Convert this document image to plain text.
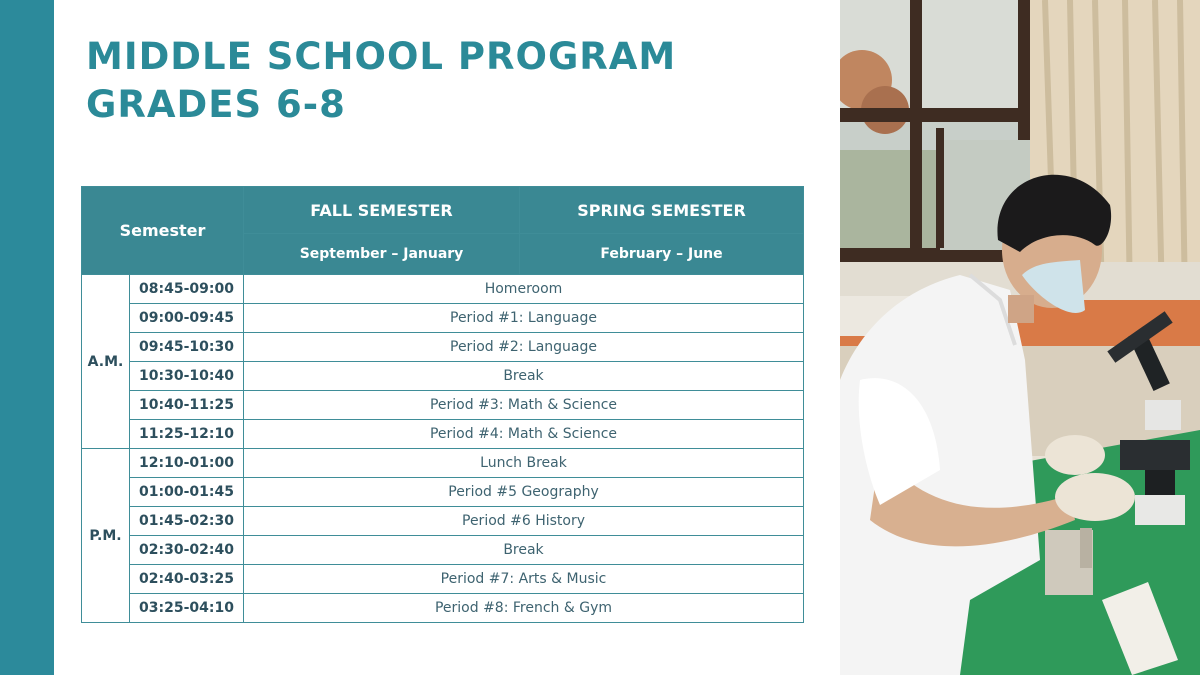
MIDDLE SCHOOL PROGRAM
GRADES 6-8
Semester		FALL SEMESTER	SPRING SEMESTER
		September – January	February – June
A.M.	08:45-09:00	Homeroom	
	09:00-09:45	Period #1: Language	
	09:45-10:30	Period #2: Language	
	10:30-10:40	Break	
	10:40-11:25	Period #3: Math & Science	
	11:25-12:10	Period #4: Math & Science	
P.M.	12:10-01:00	Lunch Break	
	01:00-01:45	Period #5 Geography	
	01:45-02:30	Period #6 History	
	02:30-02:40	Break	
	02:40-03:25	Period #7: Arts & Music	
	03:25-04:10	Period #8: French & Gym	
